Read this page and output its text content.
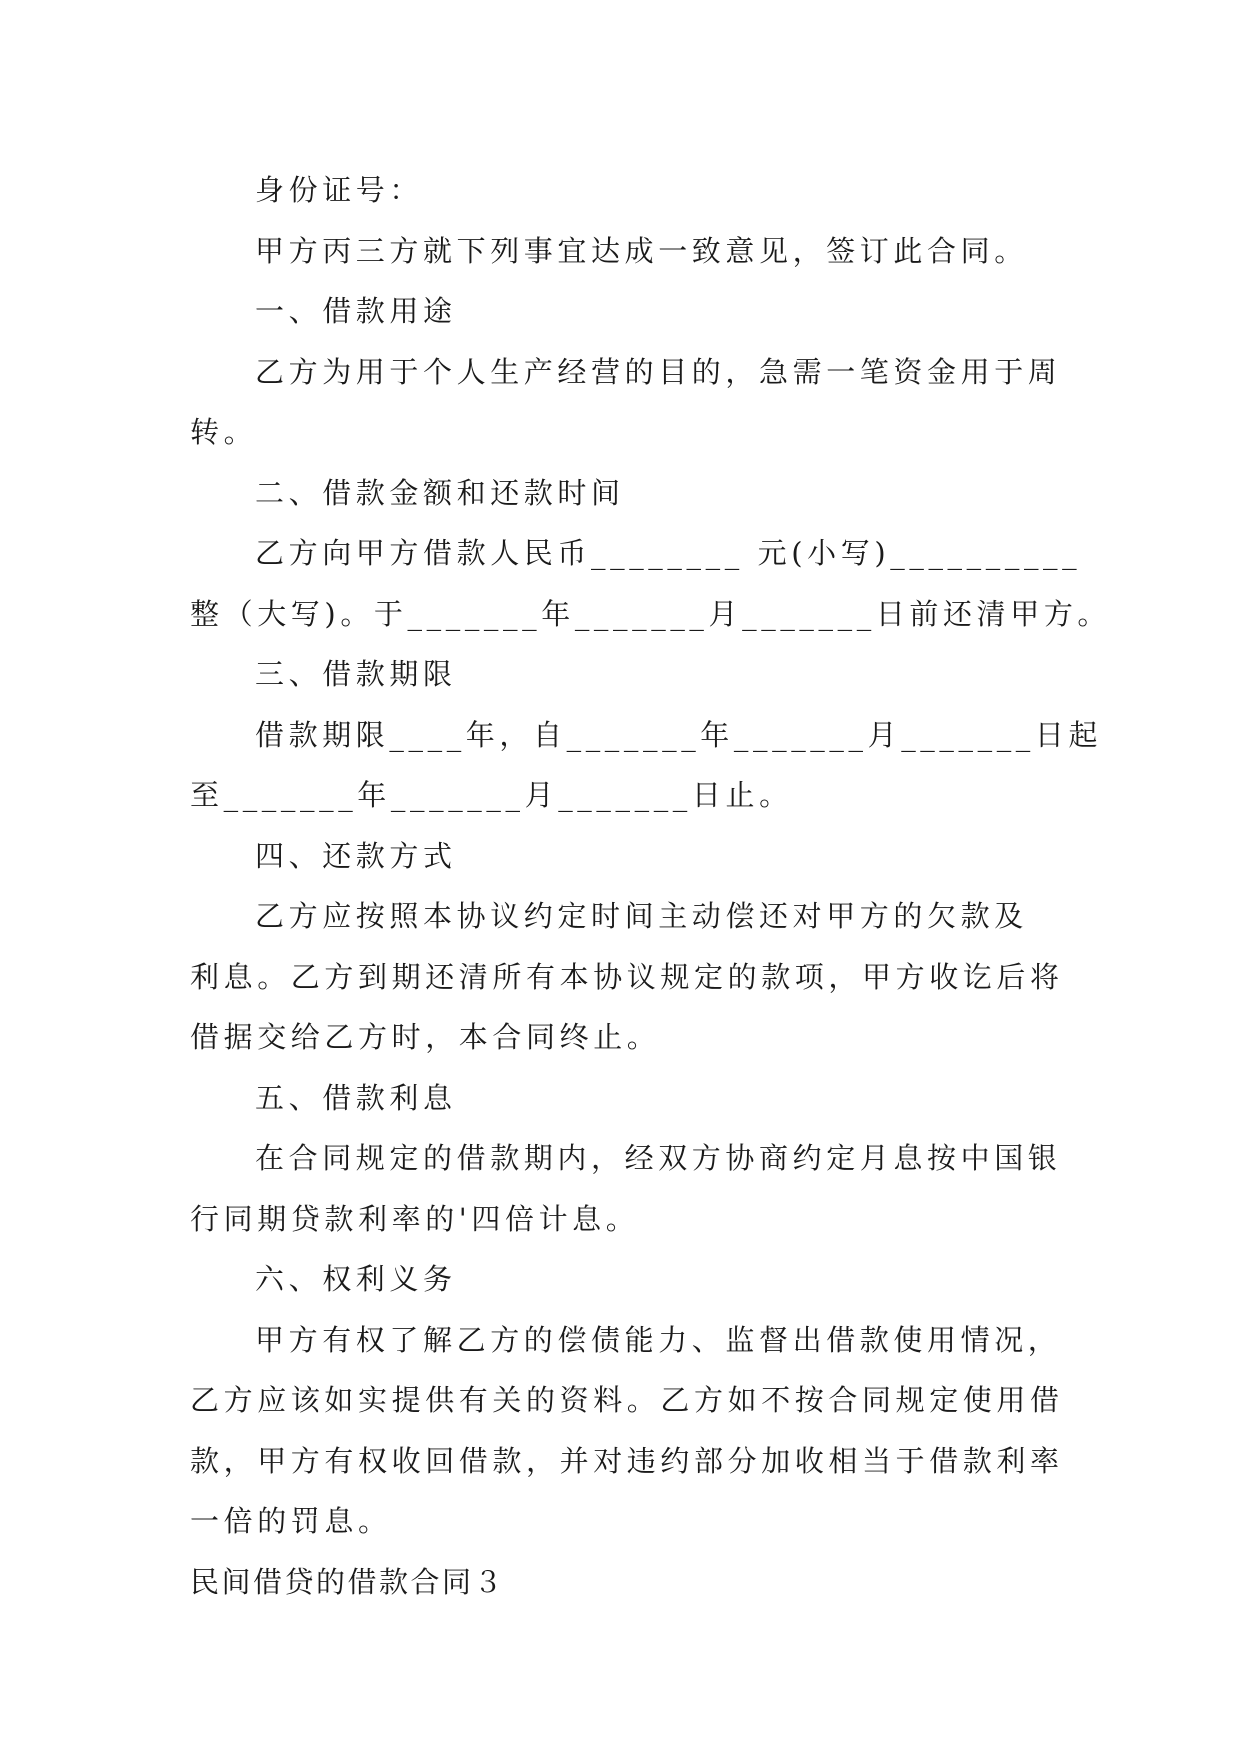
身份证号：

甲方丙三方就下列事宜达成一致意见，签订此合同。

一、借款用途

乙方为用于个人生产经营的目的，急需一笔资金用于周

转。

二、借款金额和还款时间

乙方向甲方借款人民币________ 元(小写)__________

整（大写)。于_______年_______月_______日前还清甲方。

三、借款期限

借款期限____年，自_______年_______月_______日起

至_______年_______月_______日止。

四、还款方式

乙方应按照本协议约定时间主动偿还对甲方的欠款及

利息。乙方到期还清所有本协议规定的款项，甲方收讫后将

借据交给乙方时，本合同终止。

五、借款利息

在合同规定的借款期内，经双方协商约定月息按中国银

行同期贷款利率的'四倍计息。

六、权利义务

甲方有权了解乙方的偿债能力、监督出借款使用情况，

乙方应该如实提供有关的资料。乙方如不按合同规定使用借

款，甲方有权收回借款，并对违约部分加收相当于借款利率

一倍的罚息。

民间借贷的借款合同３
